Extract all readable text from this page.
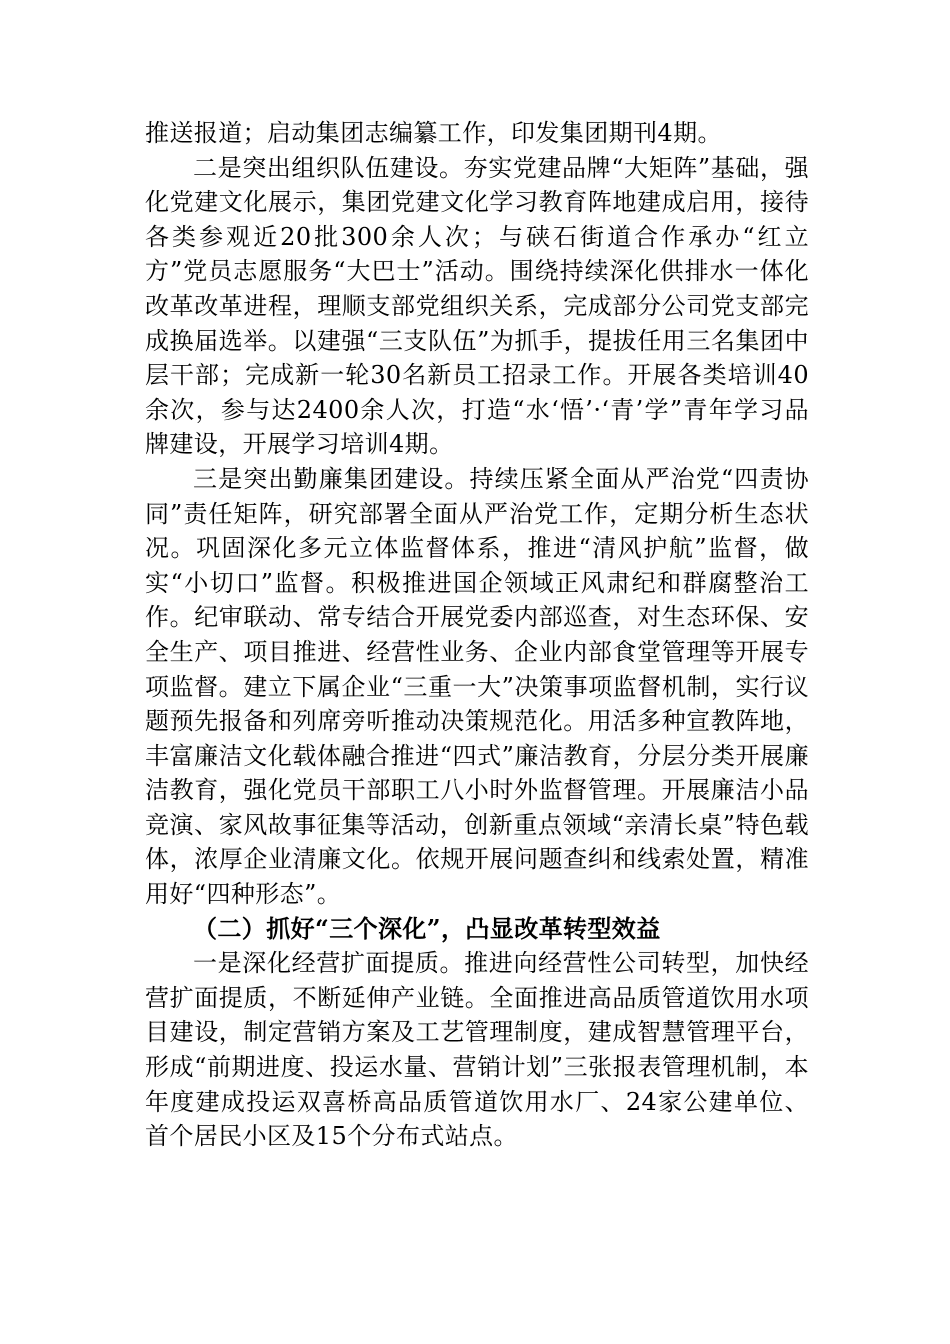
推送报道；启动集团志编纂工作，印发集团期刊4期。

二是突出组织队伍建设。夯实党建品牌“大矩阵”基础，强化党建文化展示，集团党建文化学习教育阵地建成启用，接待各类参观近20批300余人次；与硖石街道合作承办“红立方”党员志愿服务“大巴士”活动。围绕持续深化供排水一体化改革改革进程，理顺支部党组织关系，完成部分公司党支部完成换届选举。以建强“三支队伍”为抓手，提拔任用三名集团中层干部；完成新一轮30名新员工招录工作。开展各类培训40余次，参与达2400余人次，打造“水‘悟’·‘青’学”青年学习品牌建设，开展学习培训4期。

三是突出勤廉集团建设。持续压紧全面从严治党“四责协同”责任矩阵，研究部署全面从严治党工作，定期分析生态状况。巩固深化多元立体监督体系，推进“清风护航”监督，做实“小切口”监督。积极推进国企领域正风肃纪和群腐整治工作。纪审联动、常专结合开展党委内部巡查，对生态环保、安全生产、项目推进、经营性业务、企业内部食堂管理等开展专项监督。建立下属企业“三重一大”决策事项监督机制，实行议题预先报备和列席旁听推动决策规范化。用活多种宣教阵地，丰富廉洁文化载体融合推进“四式”廉洁教育，分层分类开展廉洁教育，强化党员干部职工八小时外监督管理。开展廉洁小品竞演、家风故事征集等活动，创新重点领域“亲清长桌”特色载体，浓厚企业清廉文化。依规开展问题查纠和线索处置，精准用好“四种形态”。

（二）抓好“三个深化”，凸显改革转型效益

一是深化经营扩面提质。推进向经营性公司转型，加快经营扩面提质，不断延伸产业链。全面推进高品质管道饮用水项目建设，制定营销方案及工艺管理制度，建成智慧管理平台，形成“前期进度、投运水量、营销计划”三张报表管理机制，本年度建成投运双喜桥高品质管道饮用水厂、24家公建单位、首个居民小区及15个分布式站点。
